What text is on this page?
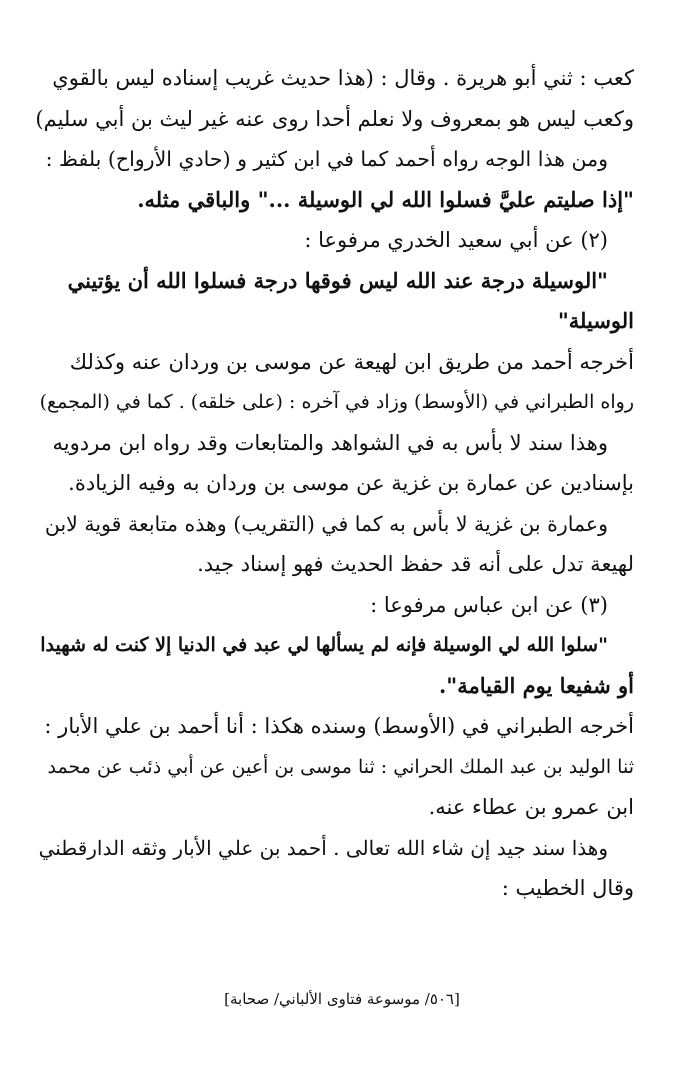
كعب : ثني أبو هريرة . وقال : (هذا حديث غريب إسناده ليس بالقوي
وكعب ليس هو بمعروف ولا نعلم أحدا روى عنه غير ليث بن أبي سليم)
ومن هذا الوجه رواه أحمد كما في ابن كثير و (حادي الأرواح) بلفظ :
"إذا صليتم عليَّ فسلوا الله لي الوسيلة ..." والباقي مثله.
(٢) عن أبي سعيد الخدري مرفوعا :
"الوسيلة درجة عند الله ليس فوقها درجة فسلوا الله أن يؤتيني
الوسيلة"
أخرجه أحمد من طريق ابن لهيعة عن موسى بن وردان عنه وكذلك
رواه الطبراني في (الأوسط) وزاد في آخره : (على خلقه) . كما في (المجمع)
وهذا سند لا بأس به في الشواهد والمتابعات وقد رواه ابن مردويه
بإسنادين عن عمارة بن غزية عن موسى بن وردان به وفيه الزيادة.
وعمارة بن غزية لا بأس به كما في (التقريب) وهذه متابعة قوية لابن
لهيعة تدل على أنه قد حفظ الحديث فهو إسناد جيد.
(٣) عن ابن عباس مرفوعا :
"سلوا الله لي الوسيلة فإنه لم يسألها لي عبد في الدنيا إلا كنت له شهيدا
أو شفيعا يوم القيامة".
أخرجه الطبراني في (الأوسط) وسنده هكذا : أنا أحمد بن علي الأبار :
ثنا الوليد بن عبد الملك الحراني : ثنا موسى بن أعين عن أبي ذئب عن محمد
ابن عمرو بن عطاء عنه.
وهذا سند جيد إن شاء الله تعالى . أحمد بن علي الأبار وثقه الدارقطني
وقال الخطيب :
[٥٠٦/ موسوعة فتاوى الألباني/ صحابة]
